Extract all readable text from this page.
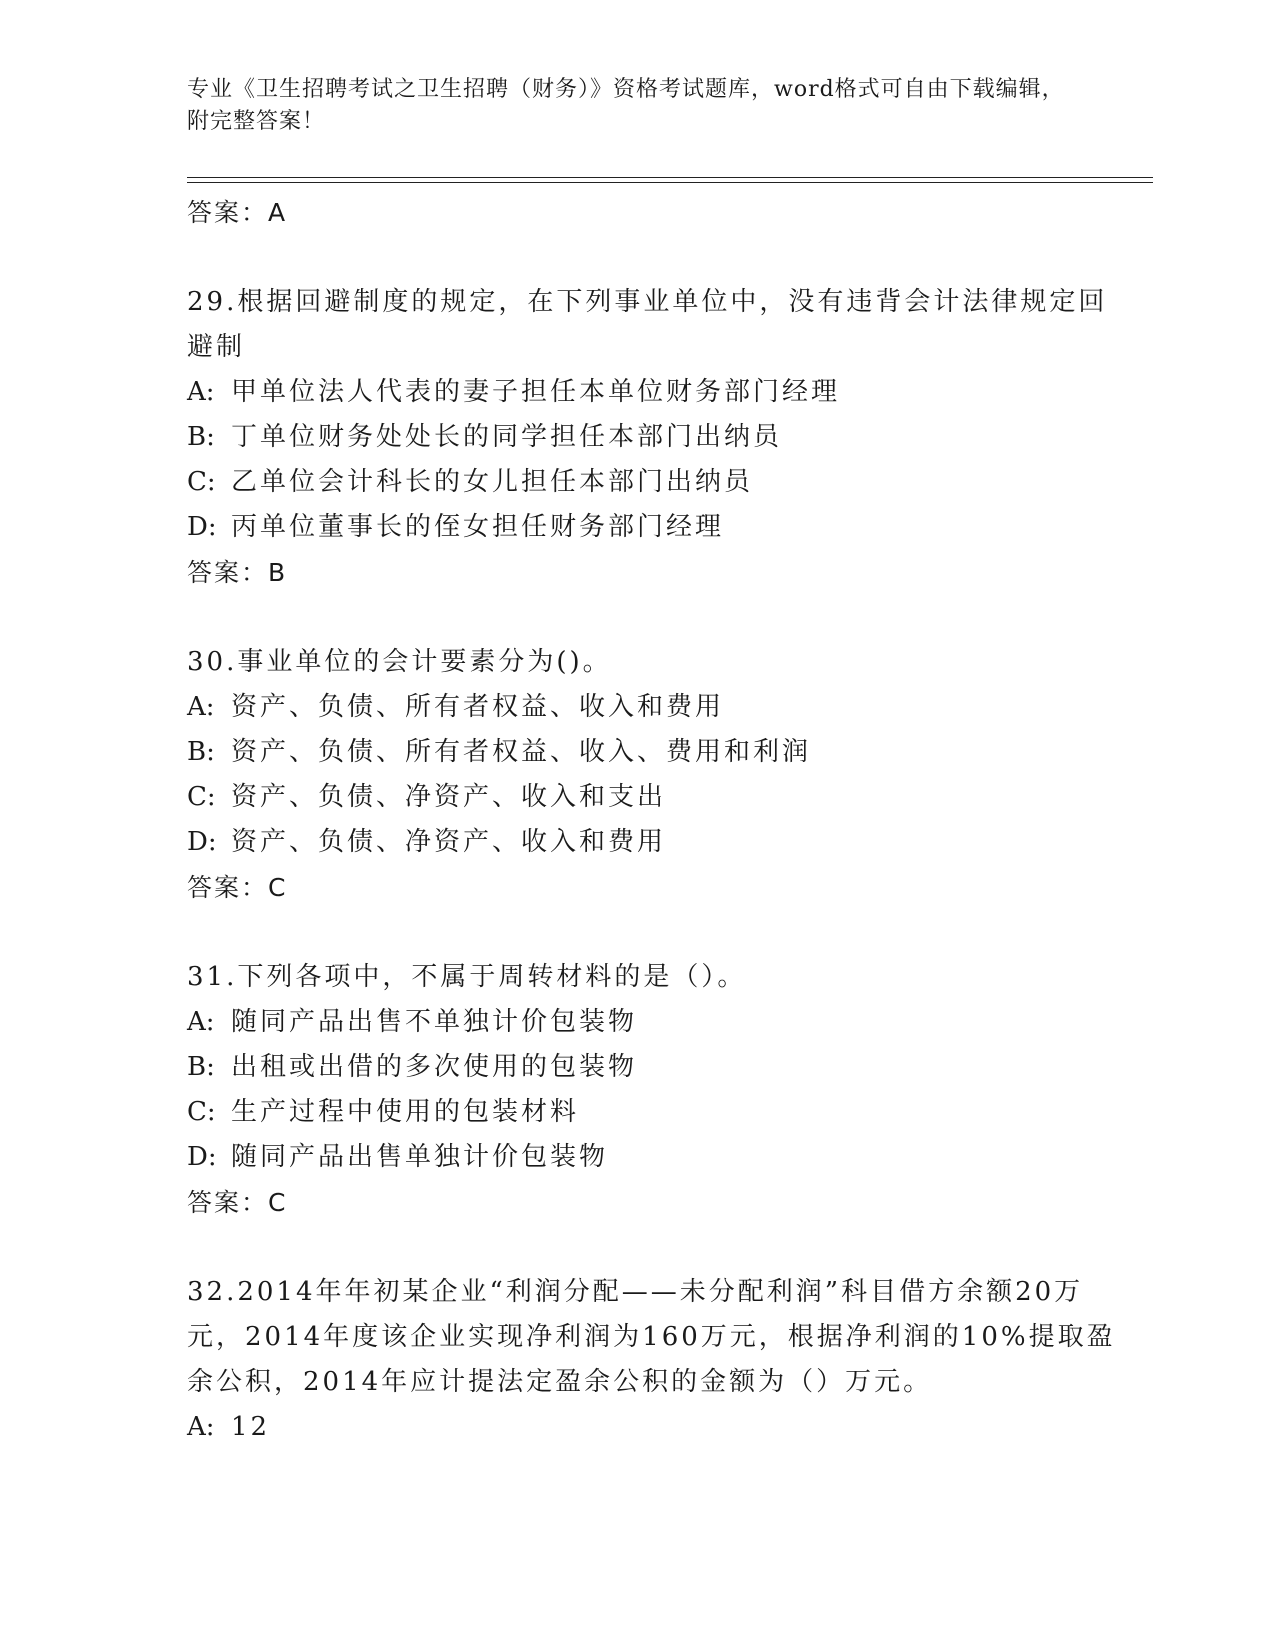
专业《卫生招聘考试之卫生招聘（财务）》资格考试题库，word格式可自由下载编辑，附完整答案！
答案：A
29.根据回避制度的规定，在下列事业单位中，没有违背会计法律规定回避制
A: 甲单位法人代表的妻子担任本单位财务部门经理
B: 丁单位财务处处长的同学担任本部门出纳员
C: 乙单位会计科长的女儿担任本部门出纳员
D: 丙单位董事长的侄女担任财务部门经理
答案：B
30.事业单位的会计要素分为()。
A: 资产、负债、所有者权益、收入和费用
B: 资产、负债、所有者权益、收入、费用和利润
C: 资产、负债、净资产、收入和支出
D: 资产、负债、净资产、收入和费用
答案：C
31.下列各项中，不属于周转材料的是（）。
A: 随同产品出售不单独计价包装物
B: 出租或出借的多次使用的包装物
C: 生产过程中使用的包装材料
D: 随同产品出售单独计价包装物
答案：C
32.2014年年初某企业“利润分配——未分配利润”科目借方余额20万元，2014年度该企业实现净利润为160万元，根据净利润的10%提取盈余公积，2014年应计提法定盈余公积的金额为（）万元。
A: 12
